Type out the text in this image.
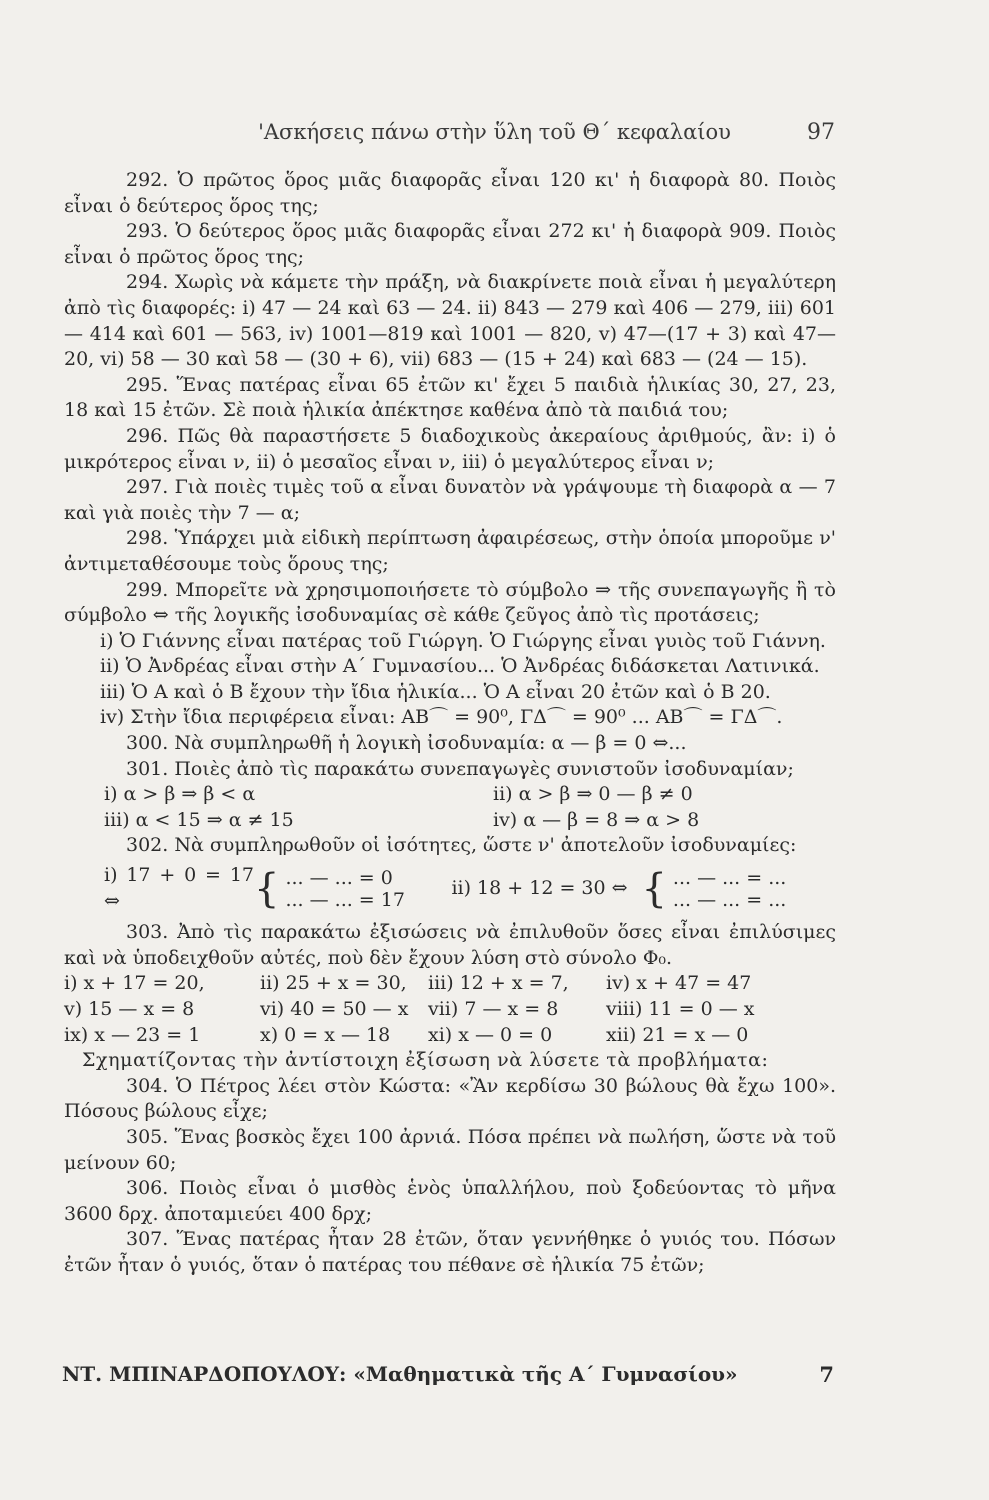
'Ασκήσεις πάνω στὴν ὕλη τοῦ Θ΄ κεφαλαίου	97

292. Ὁ πρῶτος ὅρος μιᾶς διαφορᾶς εἶναι 120 κι' ἡ διαφορὰ 80. Ποιὸς εἶναι ὁ δεύτερος ὅρος της;

293. Ὁ δεύτερος ὅρος μιᾶς διαφορᾶς εἶναι 272 κι' ἡ διαφορὰ 909. Ποιὸς εἶναι ὁ πρῶτος ὅρος της;

294. Χωρὶς νὰ κάμετε τὴν πράξη, νὰ διακρίνετε ποιὰ εἶναι ἡ μεγαλύτερη ἀπὸ τὶς διαφορές: i) 47 — 24 καὶ 63 — 24. ii) 843 — 279 καὶ 406 — 279, iii) 601 — 414 καὶ 601 — 563, iv) 1001—819 καὶ 1001 — 820, v) 47—(17 + 3) καὶ 47— 20, vi) 58 — 30 καὶ 58 — (30 + 6), vii) 683 — (15 + 24) καὶ 683 — (24 — 15).

295. Ἕνας πατέρας εἶναι 65 ἐτῶν κι' ἔχει 5 παιδιὰ ἡλικίας 30, 27, 23, 18 καὶ 15 ἐτῶν. Σὲ ποιὰ ἡλικία ἀπέκτησε καθένα ἀπὸ τὰ παιδιά του;

296. Πῶς θὰ παραστήσετε 5 διαδοχικοὺς ἀκεραίους ἀριθμούς, ἂν: i) ὁ μικρότερος εἶναι ν, ii) ὁ μεσαῖος εἶναι ν, iii) ὁ μεγαλύτερος εἶναι ν;

297. Γιὰ ποιὲς τιμὲς τοῦ α εἶναι δυνατὸν νὰ γράψουμε τὴ διαφορὰ α — 7 καὶ γιὰ ποιὲς τὴν 7 — α;

298. Ὑπάρχει μιὰ εἰδικὴ περίπτωση ἀφαιρέσεως, στὴν ὁποία μποροῦμε ν' ἀντιμεταθέσουμε τοὺς ὅρους της;

299. Μπορεῖτε νὰ χρησιμοποιήσετε τὸ σύμβολο ⇒ τῆς συνεπαγωγῆς ἢ τὸ σύμβολο ⇔ τῆς λογικῆς ἰσοδυναμίας σὲ κάθε ζεῦγος ἀπὸ τὶς προτάσεις;

i) Ὁ Γιάννης εἶναι πατέρας τοῦ Γιώργη. Ὁ Γιώργης εἶναι γυιὸς τοῦ Γιάννη.

ii) Ὁ Ἀνδρέας εἶναι στὴν Α΄ Γυμνασίου... Ὁ Ἀνδρέας διδάσκεται Λατινικά.

iii) Ὁ Α καὶ ὁ Β ἔχουν τὴν ἴδια ἡλικία... Ὁ Α εἶναι 20 ἐτῶν καὶ ὁ Β 20.

iv) Στὴν ἴδια περιφέρεια εἶναι: ΑΒ⌒ = 90⁰, ΓΔ⌒ = 90⁰ ... ΑΒ⌒ = ΓΔ⌒.

300. Νὰ συμπληρωθῆ ἡ λογικὴ ἰσοδυναμία: α — β = 0 ⇔...

301. Ποιὲς ἀπὸ τὶς παρακάτω συνεπαγωγὲς συνιστοῦν ἰσοδυναμίαν;

i) α > β ⇒ β < α	ii) α > β ⇒ 0 — β ≠ 0
iii) α < 15 ⇒ α ≠ 15	iv) α — β = 8 ⇒ α > 8

302. Νὰ συμπληρωθοῦν οἱ ἰσότητες, ὥστε ν' ἀποτελοῦν ἰσοδυναμίες:

i) 17 + 0 = 17 ⇔	{ ... — ... = 0
... — ... = 17
ii) 18 + 12 = 30 ⇔ { ... — ... = ...
... — ... = ...

303. Ἀπὸ τὶς παρακάτω ἐξισώσεις νὰ ἐπιλυθοῦν ὅσες εἶναι ἐπιλύσιμες καὶ νὰ ὑποδειχθοῦν αὐτές, ποὺ δὲν ἔχουν λύση στὸ σύνολο Φ₀.

i) x + 17 = 20,	ii) 25 + x = 30,	iii) 12 + x = 7,	iv) x + 47 = 47
v) 15 — x = 8	vi) 40 = 50 — x	vii) 7 — x = 8	viii) 11 = 0 — x
ix) x — 23 = 1	x) 0 = x — 18	xi) x — 0 = 0	xii) 21 = x — 0

Σχηματίζοντας τὴν ἀντίστοιχη ἐξίσωση νὰ λύσετε τὰ προβλήματα:

304. Ὁ Πέτρος λέει στὸν Κώστα: «Ἂν κερδίσω 30 βώλους θὰ ἔχω 100». Πόσους βώλους εἶχε;

305. Ἕνας βοσκὸς ἔχει 100 ἀρνιά. Πόσα πρέπει νὰ πωλήση, ὥστε νὰ τοῦ μείνουν 60;

306. Ποιὸς εἶναι ὁ μισθὸς ἑνὸς ὑπαλλήλου, ποὺ ξοδεύοντας τὸ μῆνα 3600 δρχ. ἀποταμιεύει 400 δρχ;

307. Ἕνας πατέρας ἦταν 28 ἐτῶν, ὅταν γεννήθηκε ὁ γυιός του. Πόσων ἐτῶν ἦταν ὁ γυιός, ὅταν ὁ πατέρας του πέθανε σὲ ἡλικία 75 ἐτῶν;

ΝΤ. ΜΠΙΝΑΡΔΟΠΟΥΛΟΥ: «Μαθηματικὰ τῆς Α΄ Γυμνασίου»	7
